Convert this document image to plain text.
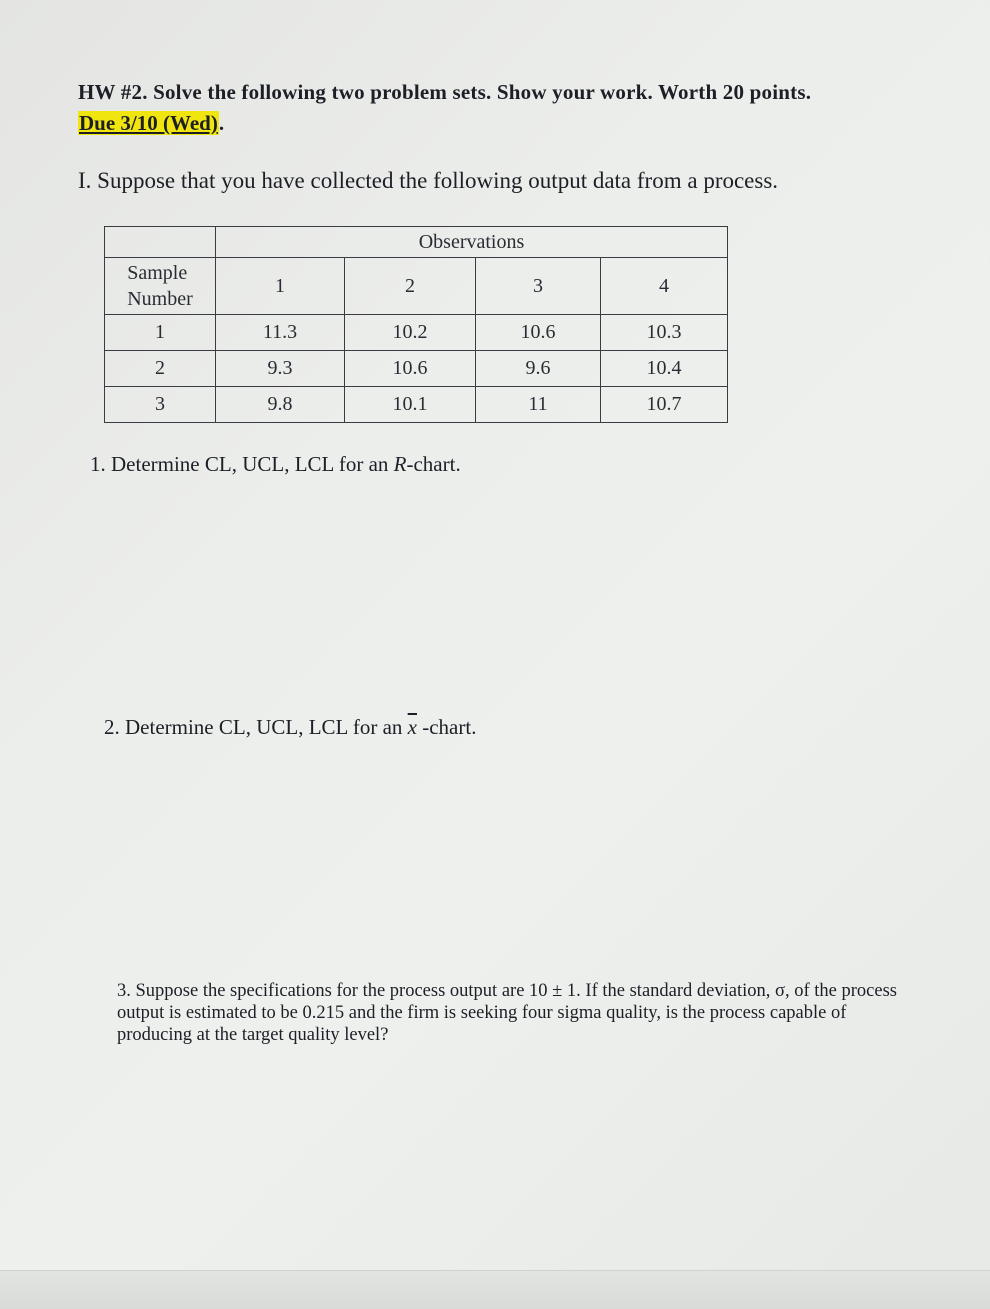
HW #2. Solve the following two problem sets. Show your work. Worth 20 points.
Due 3/10 (Wed).
I. Suppose that you have collected the following output data from a process.
	Observations			
Sample
Number	1	2	3	4
1	11.3	10.2	10.6	10.3
2	9.3	10.6	9.6	10.4
3	9.8	10.1	11	10.7
1. Determine CL, UCL, LCL for an R-chart.
2. Determine CL, UCL, LCL for an $\overline{x}$ -chart.
3. Suppose the specifications for the process output are 10 ± 1. If the standard deviation, σ, of the process output is estimated to be 0.215 and the firm is seeking four sigma quality, is the process capable of producing at the target quality level?
